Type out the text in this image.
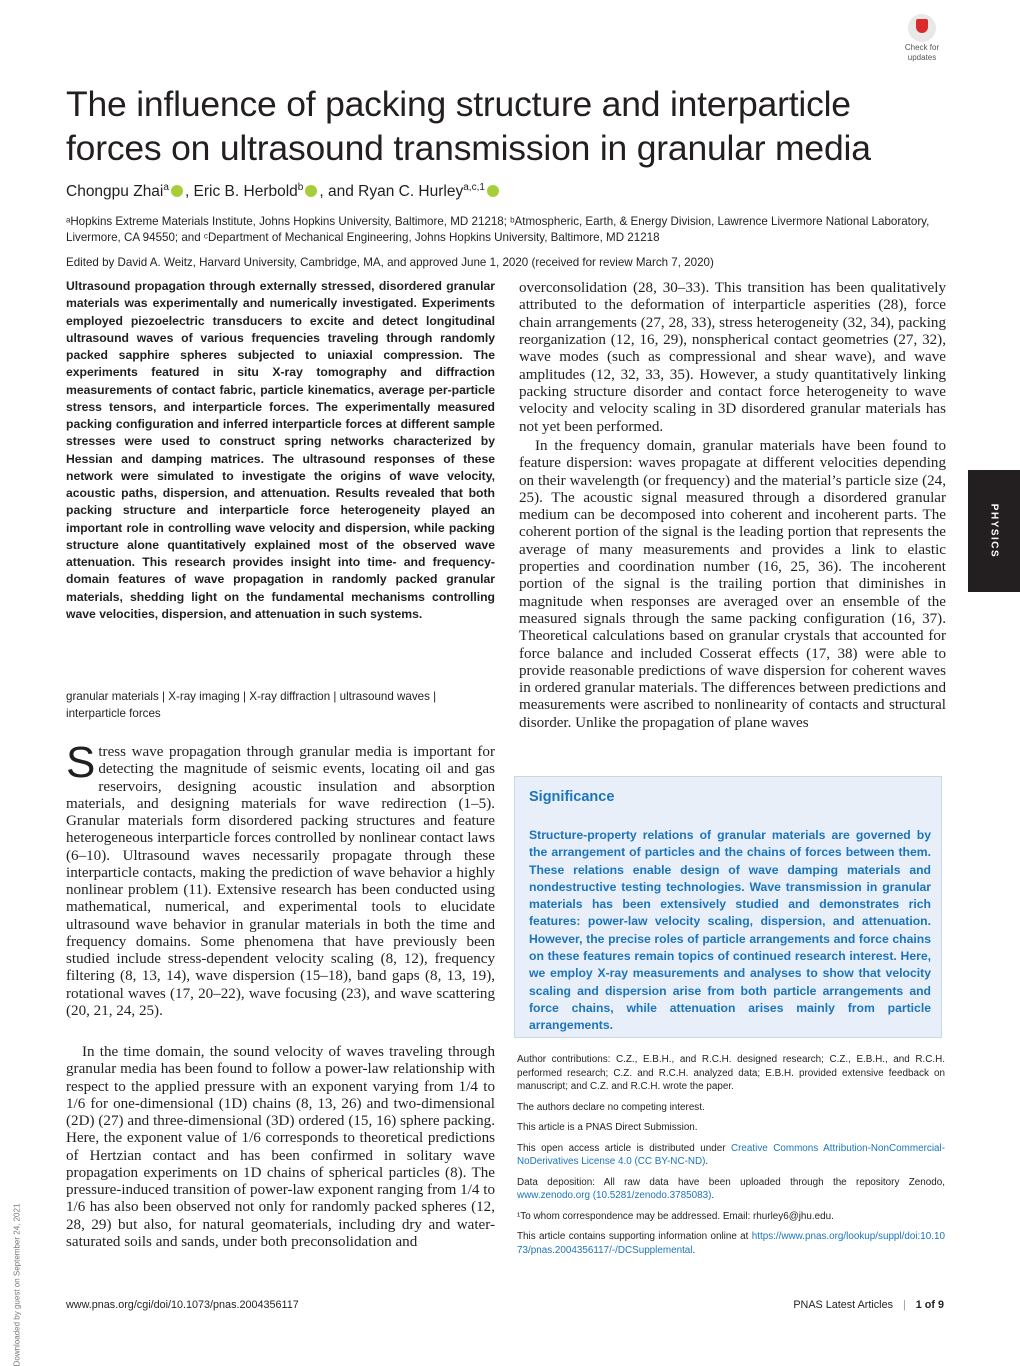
Check for
updates
The influence of packing structure and interparticle forces on ultrasound transmission in granular media
Chongpu Zhai$^a$ , Eric B. Herbold$^b$ , and Ryan C. Hurley$^{a,c,1}$
ᵃHopkins Extreme Materials Institute, Johns Hopkins University, Baltimore, MD 21218; ᵇAtmospheric, Earth, & Energy Division, Lawrence Livermore National Laboratory, Livermore, CA 94550; and ᶜDepartment of Mechanical Engineering, Johns Hopkins University, Baltimore, MD 21218
Edited by David A. Weitz, Harvard University, Cambridge, MA, and approved June 1, 2020 (received for review March 7, 2020)
Ultrasound propagation through externally stressed, disordered granular materials was experimentally and numerically investigated. Experiments employed piezoelectric transducers to excite and detect longitudinal ultrasound waves of various frequencies traveling through randomly packed sapphire spheres subjected to uniaxial compression. The experiments featured in situ X-ray tomography and diffraction measurements of contact fabric, particle kinematics, average per-particle stress tensors, and interparticle forces. The experimentally measured packing configuration and inferred interparticle forces at different sample stresses were used to construct spring networks characterized by Hessian and damping matrices. The ultrasound responses of these network were simulated to investigate the origins of wave velocity, acoustic paths, dispersion, and attenuation. Results revealed that both packing structure and interparticle force heterogeneity played an important role in controlling wave velocity and dispersion, while packing structure alone quantitatively explained most of the observed wave attenuation. This research provides insight into time- and frequency-domain features of wave propagation in randomly packed granular materials, shedding light on the fundamental mechanisms controlling wave velocities, dispersion, and attenuation in such systems.
granular materials | X-ray imaging | X-ray diffraction | ultrasound waves | interparticle forces

Stress wave propagation through granular media is important for detecting the magnitude of seismic events, locating oil and gas reservoirs, designing acoustic insulation and absorption materials, and designing materials for wave redirection (1–5). Granular materials form disordered packing structures and feature heterogeneous interparticle forces controlled by nonlinear contact laws (6–10). Ultrasound waves necessarily propagate through these interparticle contacts, making the prediction of wave behavior a highly nonlinear problem (11). Extensive research has been conducted using mathematical, numerical, and experimental tools to elucidate ultrasound wave behavior in granular materials in both the time and frequency domains. Some phenomena that have previously been studied include stress-dependent velocity scaling (8, 12), frequency filtering (8, 13, 14), wave dispersion (15–18), band gaps (8, 13, 19), rotational waves (17, 20–22), wave focusing (23), and wave scattering (20, 21, 24, 25).

In the time domain, the sound velocity of waves traveling through granular media has been found to follow a power-law relationship with respect to the applied pressure with an exponent varying from 1/4 to 1/6 for one-dimensional (1D) chains (8, 13, 26) and two-dimensional (2D) (27) and three-dimensional (3D) ordered (15, 16) sphere packing. Here, the exponent value of 1/6 corresponds to theoretical predictions of Hertzian contact and has been confirmed in solitary wave propagation experiments on 1D chains of spherical particles (8). The pressure-induced transition of power-law exponent ranging from 1/4 to 1/6 has also been observed not only for randomly packed spheres (12, 28, 29) but also, for natural geomaterials, including dry and water-saturated soils and sands, under both preconsolidation and

overconsolidation (28, 30–33). This transition has been qualitatively attributed to the deformation of interparticle asperities (28), force chain arrangements (27, 28, 33), stress heterogeneity (32, 34), packing reorganization (12, 16, 29), nonspherical contact geometries (27, 32), wave modes (such as compressional and shear wave), and wave amplitudes (12, 32, 33, 35). However, a study quantitatively linking packing structure disorder and contact force heterogeneity to wave velocity and velocity scaling in 3D disordered granular materials has not yet been performed.

In the frequency domain, granular materials have been found to feature dispersion: waves propagate at different velocities depending on their wavelength (or frequency) and the material’s particle size (24, 25). The acoustic signal measured through a disordered granular medium can be decomposed into coherent and incoherent parts. The coherent portion of the signal is the leading portion that represents the average of many measurements and provides a link to elastic properties and coordination number (16, 25, 36). The incoherent portion of the signal is the trailing portion that diminishes in magnitude when responses are averaged over an ensemble of the measured signals through the same packing configuration (16, 37). Theoretical calculations based on granular crystals that accounted for force balance and included Cosserat effects (17, 38) were able to provide reasonable predictions of wave dispersion for coherent waves in ordered granular materials. The differences between predictions and measurements were ascribed to nonlinearity of contacts and structural disorder. Unlike the propagation of plane waves

Significance
Structure-property relations of granular materials are governed by the arrangement of particles and the chains of forces between them. These relations enable design of wave damping materials and nondestructive testing technologies. Wave transmission in granular materials has been extensively studied and demonstrates rich features: power-law velocity scaling, dispersion, and attenuation. However, the precise roles of particle arrangements and force chains on these features remain topics of continued research interest. Here, we employ X-ray measurements and analyses to show that velocity scaling and dispersion arise from both particle arrangements and force chains, while attenuation arises mainly from particle arrangements.

Author contributions: C.Z., E.B.H., and R.C.H. designed research; C.Z., E.B.H., and R.C.H. performed research; C.Z. and R.C.H. analyzed data; E.B.H. provided extensive feedback on manuscript; and C.Z. and R.C.H. wrote the paper.

The authors declare no competing interest.

This article is a PNAS Direct Submission.

This open access article is distributed under Creative Commons Attribution-NonCommercial-NoDerivatives License 4.0 (CC BY-NC-ND).

Data deposition: All raw data have been uploaded through the repository Zenodo, www.zenodo.org (10.5281/zenodo.3785083).

¹To whom correspondence may be addressed. Email: rhurley6@jhu.edu.

This article contains supporting information online at https://www.pnas.org/lookup/suppl/doi:10.1073/pnas.2004356117/-/DCSupplemental.

PHYSICS
Downloaded by guest on September 24, 2021	www.pnas.org/cgi/doi/10.1073/pnas.2004356117	PNAS Latest Articles | 1 of 9
